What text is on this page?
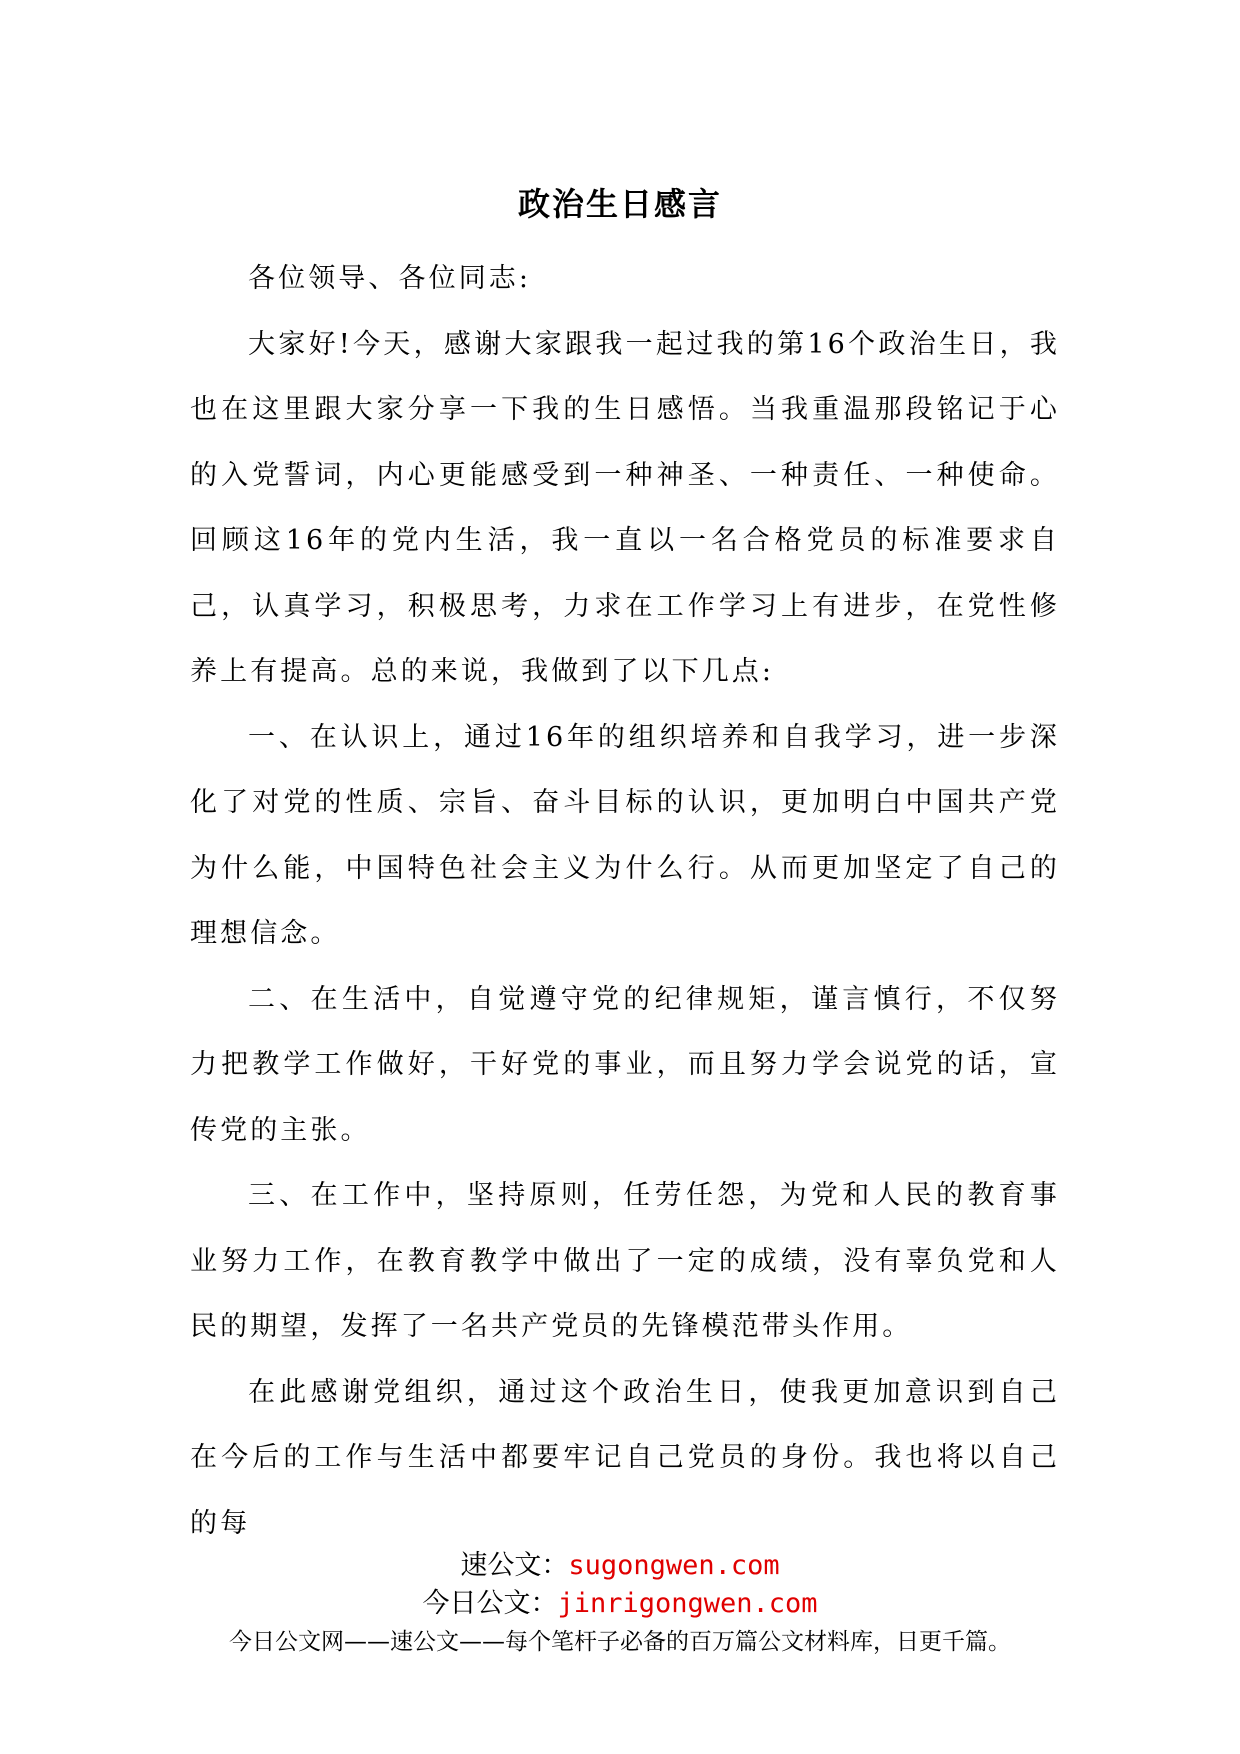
政治生日感言

各位领导、各位同志:

大家好!今天，感谢大家跟我一起过我的第16个政治生日，我也在这里跟大家分享一下我的生日感悟。当我重温那段铭记于心的入党誓词，内心更能感受到一种神圣、一种责任、一种使命。回顾这16年的党内生活，我一直以一名合格党员的标准要求自己，认真学习，积极思考，力求在工作学习上有进步，在党性修养上有提高。总的来说，我做到了以下几点:

一、在认识上，通过16年的组织培养和自我学习，进一步深化了对党的性质、宗旨、奋斗目标的认识，更加明白中国共产党为什么能，中国特色社会主义为什么行。从而更加坚定了自己的理想信念。

二、在生活中，自觉遵守党的纪律规矩，谨言慎行，不仅努力把教学工作做好，干好党的事业，而且努力学会说党的话，宣传党的主张。

三、在工作中，坚持原则，任劳任怨，为党和人民的教育事业努力工作，在教育教学中做出了一定的成绩，没有辜负党和人民的期望，发挥了一名共产党员的先锋模范带头作用。

在此感谢党组织，通过这个政治生日，使我更加意识到自己在今后的工作与生活中都要牢记自己党员的身份。我也将以自己的每

速公文：sugongwen.com
今日公文：jinrigongwen.com
今日公文网——速公文——每个笔杆子必备的百万篇公文材料库，日更千篇。
